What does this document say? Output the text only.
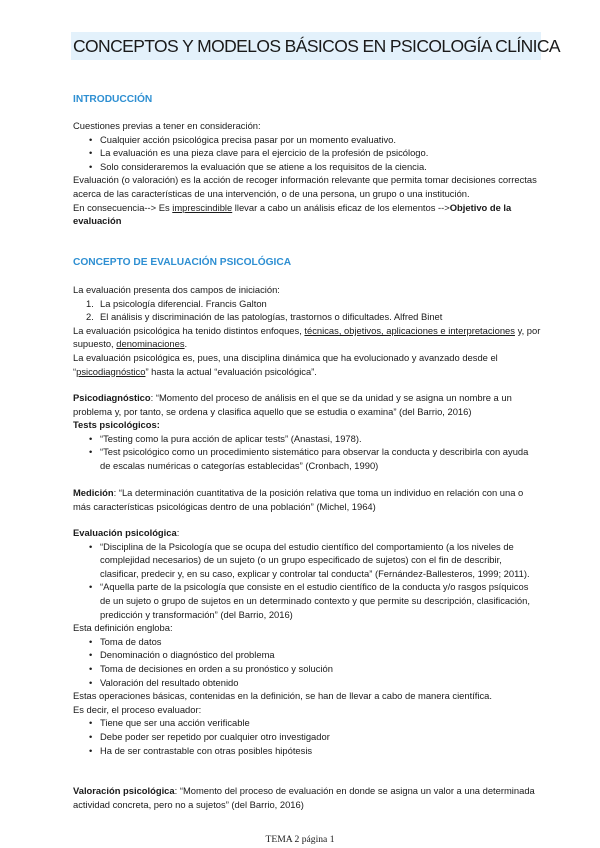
CONCEPTOS Y MODELOS BÁSICOS EN PSICOLOGÍA CLÍNICA
INTRODUCCIÓN

Cuestiones previas a tener en consideración:

• Cualquier acción psicológica precisa pasar por un momento evaluativo.
• La evaluación es una pieza clave para el ejercicio de la profesión de psicólogo.
• Solo consideraremos la evaluación que se atiene a los requisitos de la ciencia.

Evaluación (o valoración) es la acción de recoger información relevante que permita tomar decisiones correctas acerca de las características de una intervención, o de una persona, un grupo o una institución.

En consecuencia--> Es imprescindible llevar a cabo un análisis eficaz de los elementos -->Objetivo de la evaluación

CONCEPTO DE EVALUACIÓN PSICOLÓGICA

La evaluación presenta dos campos de iniciación:

1. La psicología diferencial. Francis Galton
2. El análisis y discriminación de las patologías, trastornos o dificultades. Alfred Binet

La evaluación psicológica ha tenido distintos enfoques, técnicas, objetivos, aplicaciones e interpretaciones y, por supuesto, denominaciones.

La evaluación psicológica es, pues, una disciplina dinámica que ha evolucionado y avanzado desde el “psicodiagnóstico” hasta la actual “evaluación psicológica”.

Psicodiagnóstico: “Momento del proceso de análisis en el que se da unidad y se asigna un nombre a un problema y, por tanto, se ordena y clasifica aquello que se estudia o examina” (del Barrio, 2016)

Tests psicológicos:

• “Testing como la pura acción de aplicar tests” (Anastasi, 1978).
• “Test psicológico como un procedimiento sistemático para observar la conducta y describirla con ayuda de escalas numéricas o categorías establecidas” (Cronbach, 1990)

Medición: “La determinación cuantitativa de la posición relativa que toma un individuo en relación con una o más características psicológicas dentro de una población” (Michel, 1964)

Evaluación psicológica:

• “Disciplina de la Psicología que se ocupa del estudio científico del comportamiento (a los niveles de complejidad necesarios) de un sujeto (o un grupo especificado de sujetos) con el fin de describir, clasificar, predecir y, en su caso, explicar y controlar tal conducta” (Fernández-Ballesteros, 1999; 2011).
• “Aquella parte de la psicología que consiste en el estudio científico de la conducta y/o rasgos psíquicos de un sujeto o grupo de sujetos en un determinado contexto y que permite su descripción, clasificación, predicción y transformación” (del Barrio, 2016)

Esta definición engloba:

• Toma de datos
• Denominación o diagnóstico del problema
• Toma de decisiones en orden a su pronóstico y solución
• Valoración del resultado obtenido

Estas operaciones básicas, contenidas en la definición, se han de llevar a cabo de manera científica.

Es decir, el proceso evaluador:

• Tiene que ser una acción verificable
• Debe poder ser repetido por cualquier otro investigador
• Ha de ser contrastable con otras posibles hipótesis

Valoración psicológica: “Momento del proceso de evaluación en donde se asigna un valor a una determinada actividad concreta, pero no a sujetos” (del Barrio, 2016)

TEMA 2 página 1
